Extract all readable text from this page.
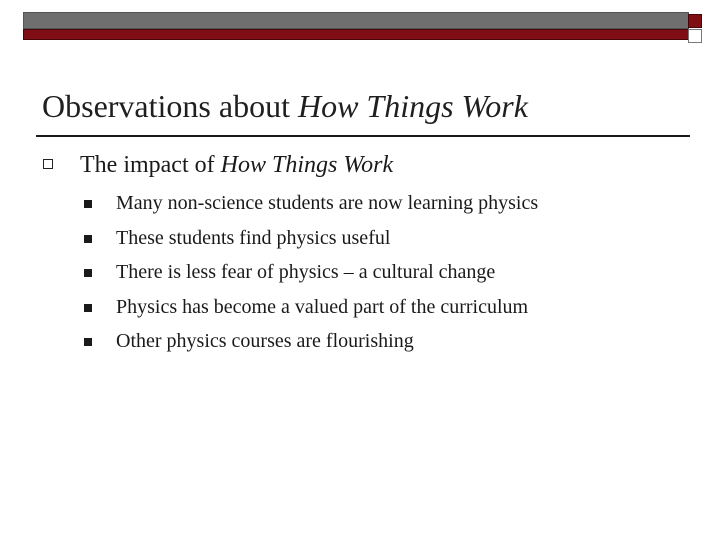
Observations about How Things Work
The impact of How Things Work
Many non-science students are now learning physics
These students find physics useful
There is less fear of physics – a cultural change
Physics has become a valued part of the curriculum
Other physics courses are flourishing
